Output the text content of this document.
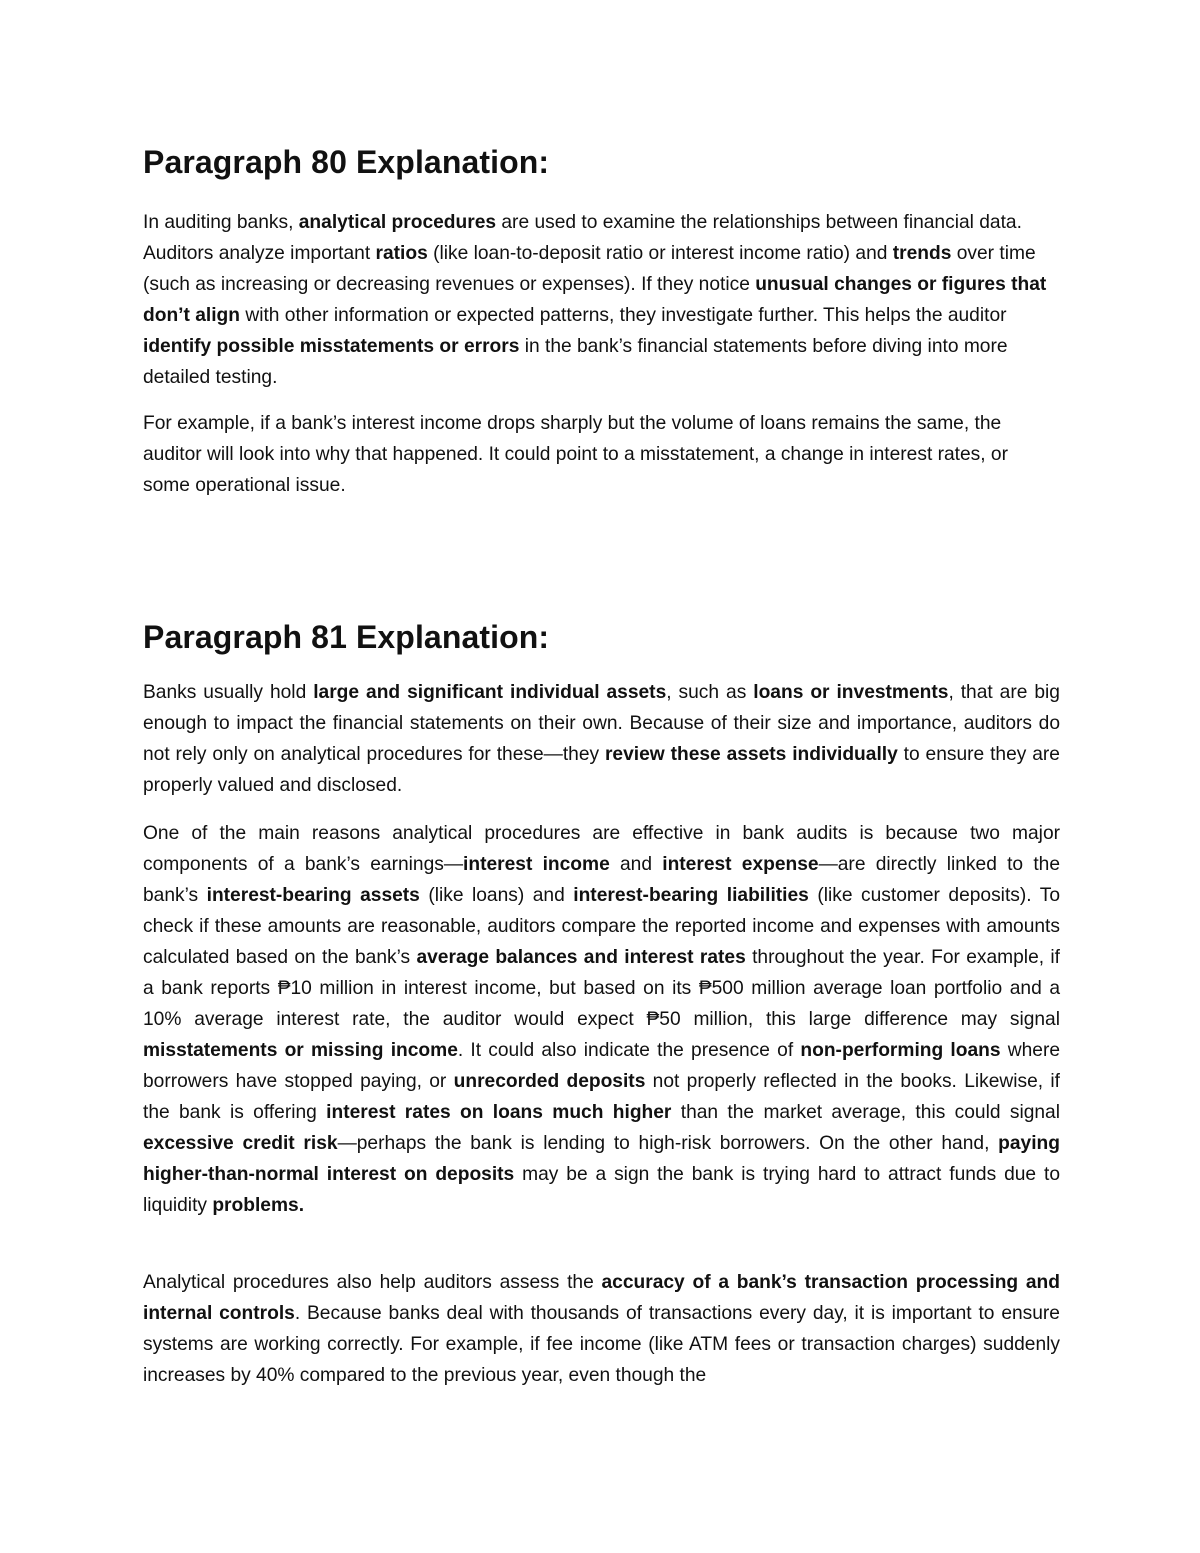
Paragraph 80 Explanation:

In auditing banks, analytical procedures are used to examine the relationships between financial data. Auditors analyze important ratios (like loan-to-deposit ratio or interest income ratio) and trends over time (such as increasing or decreasing revenues or expenses). If they notice unusual changes or figures that don’t align with other information or expected patterns, they investigate further. This helps the auditor identify possible misstatements or errors in the bank’s financial statements before diving into more detailed testing.

For example, if a bank’s interest income drops sharply but the volume of loans remains the same, the auditor will look into why that happened. It could point to a misstatement, a change in interest rates, or some operational issue.

Paragraph 81 Explanation:

Banks usually hold large and significant individual assets, such as loans or investments, that are big enough to impact the financial statements on their own. Because of their size and importance, auditors do not rely only on analytical procedures for these—they review these assets individually to ensure they are properly valued and disclosed.

One of the main reasons analytical procedures are effective in bank audits is because two major components of a bank’s earnings—interest income and interest expense—are directly linked to the bank’s interest-bearing assets (like loans) and interest-bearing liabilities (like customer deposits). To check if these amounts are reasonable, auditors compare the reported income and expenses with amounts calculated based on the bank’s average balances and interest rates throughout the year. For example, if a bank reports ₱10 million in interest income, but based on its ₱500 million average loan portfolio and a 10% average interest rate, the auditor would expect ₱50 million, this large difference may signal misstatements or missing income. It could also indicate the presence of non-performing loans where borrowers have stopped paying, or unrecorded deposits not properly reflected in the books. Likewise, if the bank is offering interest rates on loans much higher than the market average, this could signal excessive credit risk—perhaps the bank is lending to high-risk borrowers. On the other hand, paying higher-than-normal interest on deposits may be a sign the bank is trying hard to attract funds due to liquidity problems.

Analytical procedures also help auditors assess the accuracy of a bank’s transaction processing and internal controls. Because banks deal with thousands of transactions every day, it is important to ensure systems are working correctly. For example, if fee income (like ATM fees or transaction charges) suddenly increases by 40% compared to the previous year, even though the
